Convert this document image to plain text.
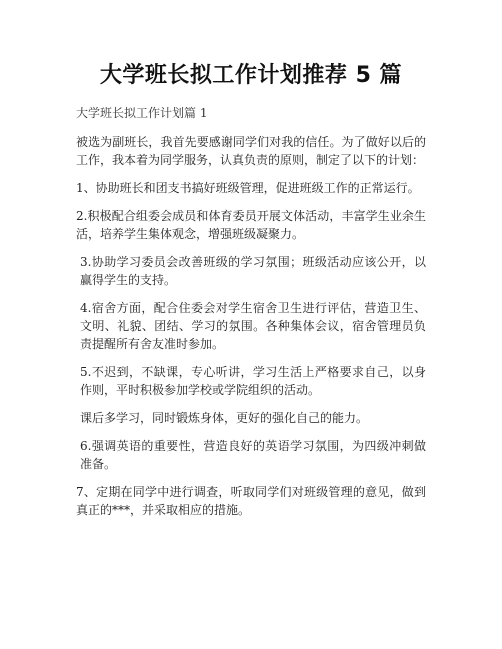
大学班长拟工作计划推荐 5 篇

大学班长拟工作计划篇 1

被选为副班长，我首先要感谢同学们对我的信任。为了做好以后的工作，我本着为同学服务，认真负责的原则，制定了以下的计划：

1、协助班长和团支书搞好班级管理，促进班级工作的正常运行。

2.积极配合组委会成员和体育委员开展文体活动，丰富学生业余生活，培养学生集体观念，增强班级凝聚力。

3.协助学习委员会改善班级的学习氛围；班级活动应该公开，以赢得学生的支持。

4.宿舍方面，配合住委会对学生宿舍卫生进行评估，营造卫生、文明、礼貌、团结、学习的氛围。各种集体会议，宿舍管理员负责提醒所有舍友准时参加。

5.不迟到，不缺课，专心听讲，学习生活上严格要求自己，以身作则，平时积极参加学校或学院组织的活动。

课后多学习，同时锻炼身体，更好的强化自己的能力。

6.强调英语的重要性，营造良好的英语学习氛围，为四级冲刺做准备。

7、定期在同学中进行调查，听取同学们对班级管理的意见，做到真正的***，并采取相应的措施。
